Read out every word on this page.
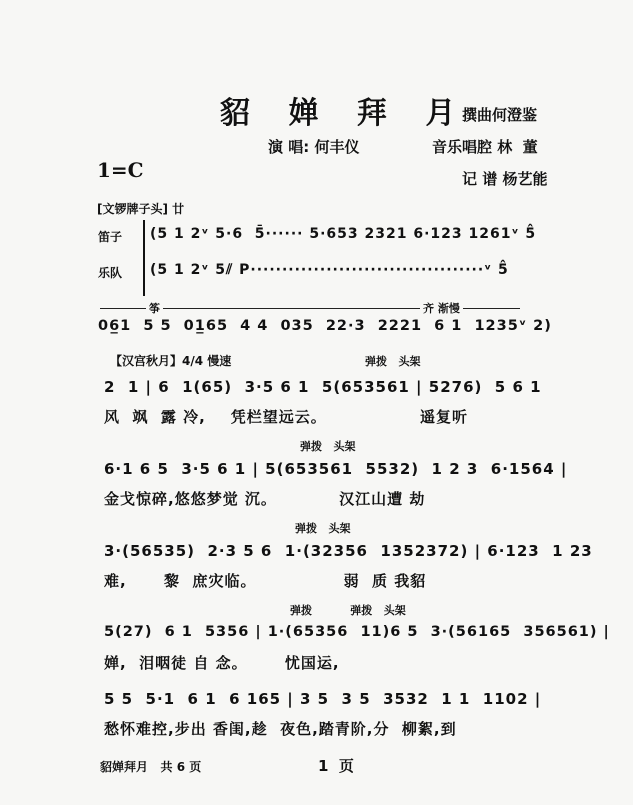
貂 婵 拜 月
撰曲何澄鉴
演 唱: 何丰仪	音乐唱腔 林  董
1=C	记 谱 杨艺能
[文锣牌子头] 廿
笛子 (5 1 2ᵛ 5·6  5̄······ 5·653 2321 6·123 1261ᵛ 5̂
乐队 (5 1 2ᵛ 5⫽ P·····································ᵛ 5̂
筝	齐 渐慢
06̲1  5 5  01̲65  4 4  035  22·3  2221  6 1  1235ᵛ 2)
【汉宫秋月】4/4 慢速	弹拨   头架
2  1 | 6  1(65)  3·5 6 1  5(653561 | 5276)  5 6 1
风  飒  露 冷,    凭栏望远云。               遥复听
弹拨   头架
6·1 6 5  3·5 6 1 | 5(653561  5532)  1 2 3  6·1564 |
金戈惊碎,悠悠梦觉 沉。          汉江山遭 劫
弹拨   头架
3·(56535)  2·3 5 6  1·(32356  1352372) | 6·123  1 23
难,      黎  庶灾临。              弱  质 我貂
弹拨          弹拨   头架
5(27)  6 1  5356 | 1·(65356  11)6 5  3·(56165  356561) |
婵,  泪咽徒 自 念。      忧国运,
5 5  5·1  6 1  6 165 | 3 5  3 5  3532  1 1  1102 |
愁怀难控,步出 香闺,趁  夜色,踏青阶,分  柳絮,到
貂婵拜月   共 6 页	1  页
